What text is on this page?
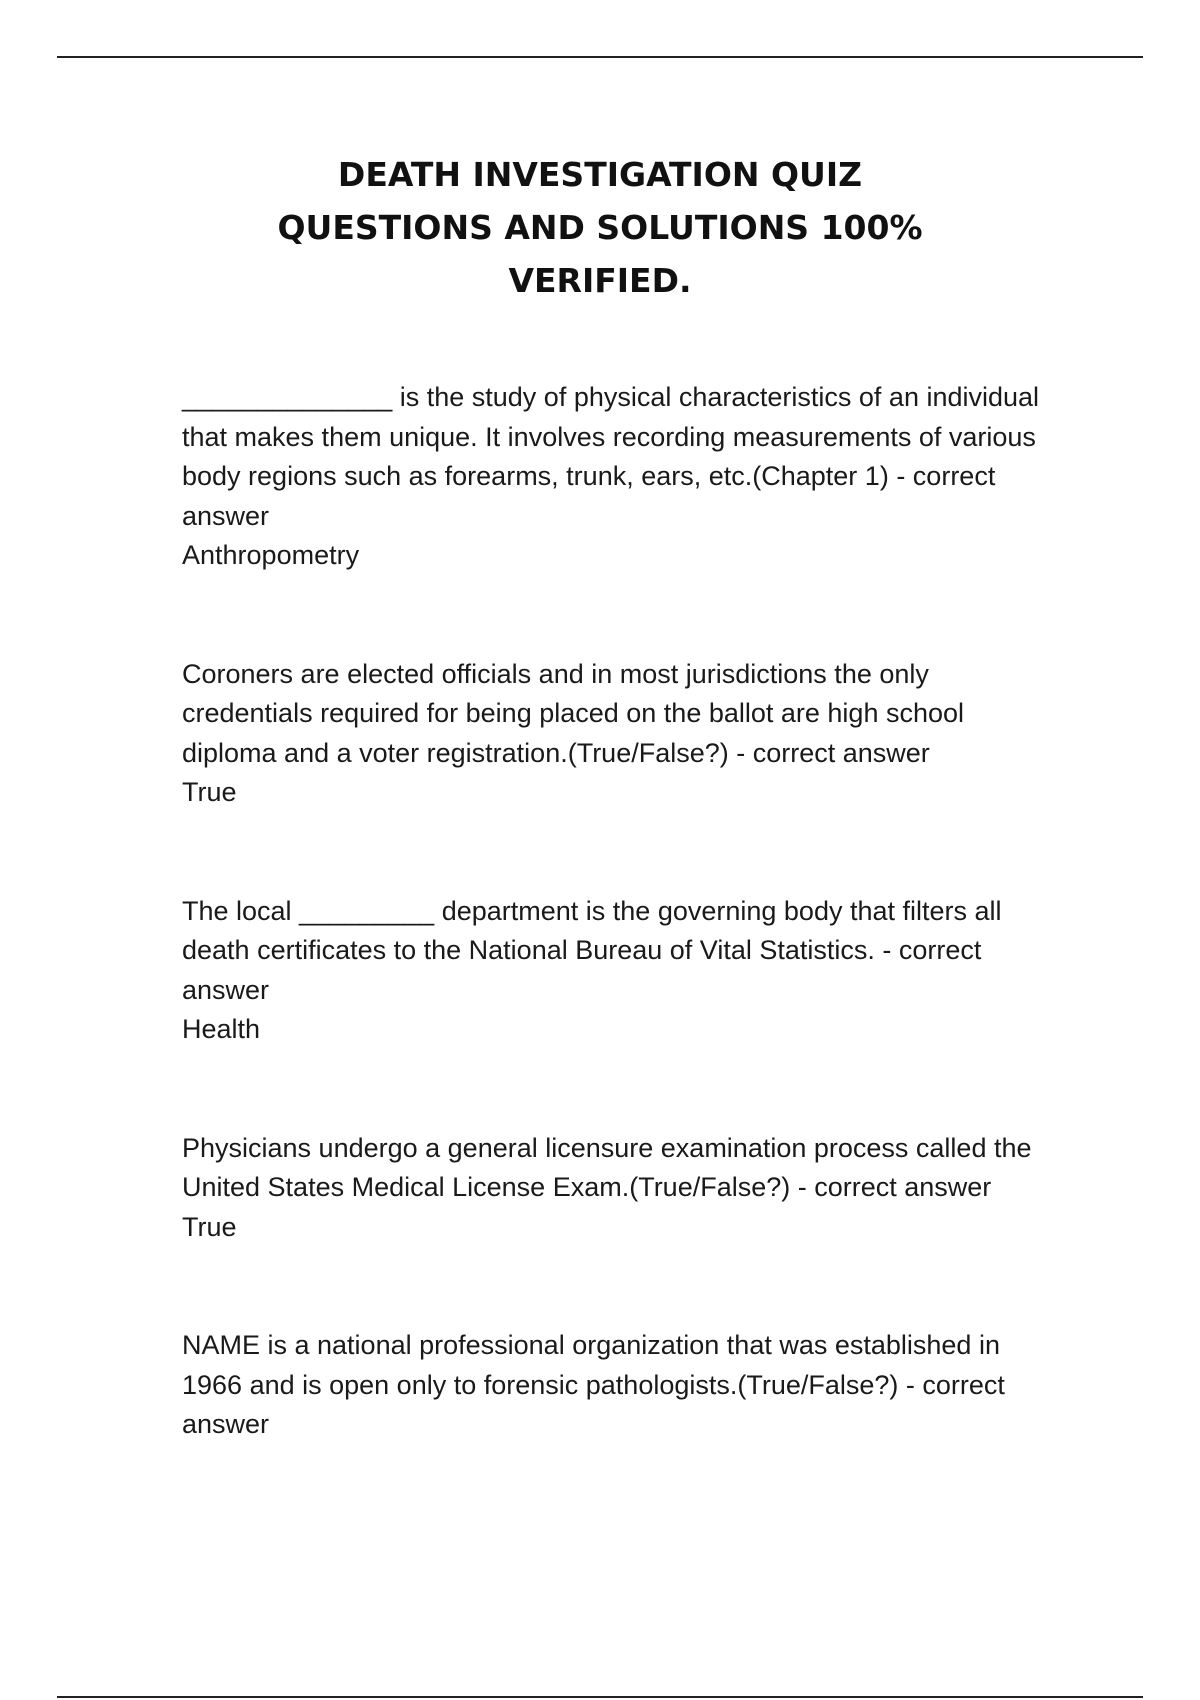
DEATH INVESTIGATION QUIZ
QUESTIONS AND SOLUTIONS 100%
VERIFIED.
______________ is the study of physical characteristics of an individual that makes them unique. It involves recording measurements of various body regions such as forearms, trunk, ears, etc.(Chapter 1) - correct answer
Anthropometry
Coroners are elected officials and in most jurisdictions the only credentials required for being placed on the ballot are high school diploma and a voter registration.(True/False?) - correct answer
True
The local _________ department is the governing body that filters all death certificates to the National Bureau of Vital Statistics. - correct answer
Health
Physicians undergo a general licensure examination process called the United States Medical License Exam.(True/False?) - correct answer
True
NAME is a national professional organization that was established in 1966 and is open only to forensic pathologists.(True/False?) - correct answer
